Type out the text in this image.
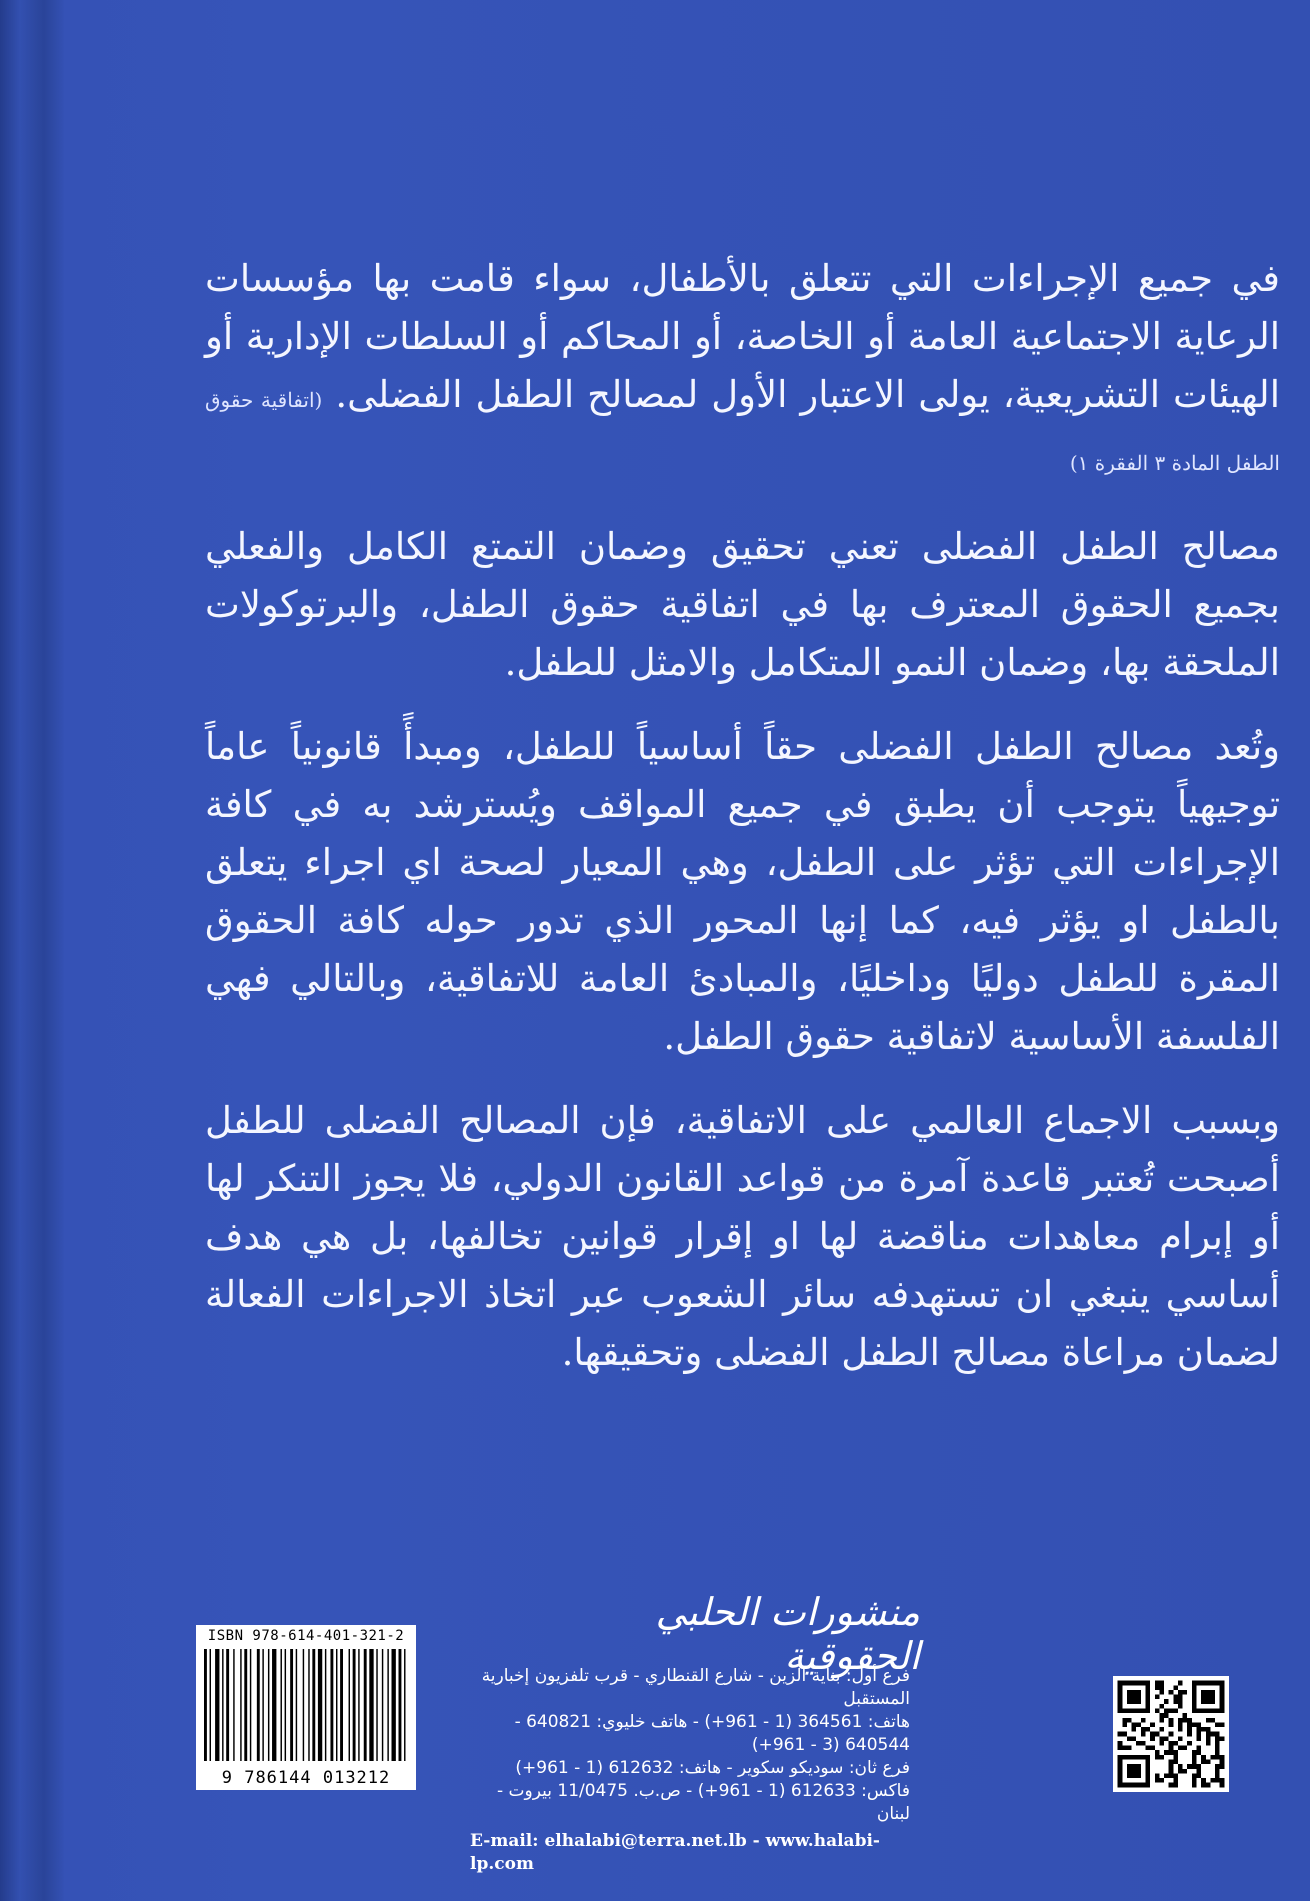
في جميع الإجراءات التي تتعلق بالأطفال، سواء قامت بها مؤسسات الرعاية الاجتماعية العامة أو الخاصة، أو المحاكم أو السلطات الإدارية أو الهيئات التشريعية، يولى الاعتبار الأول لمصالح الطفل الفضلى. (اتفاقية حقوق الطفل المادة ٣ الفقرة ١)

مصالح الطفل الفضلى تعني تحقيق وضمان التمتع الكامل والفعلي بجميع الحقوق المعترف بها في اتفاقية حقوق الطفل، والبرتوكولات الملحقة بها، وضمان النمو المتكامل والامثل للطفل.

وتُعد مصالح الطفل الفضلى حقاً أساسياً للطفل، ومبدأً قانونياً عاماً توجيهياً يتوجب أن يطبق في جميع المواقف ويُسترشد به في كافة الإجراءات التي تؤثر على الطفل، وهي المعيار لصحة اي اجراء يتعلق بالطفل او يؤثر فيه، كما إنها المحور الذي تدور حوله كافة الحقوق المقرة للطفل دوليًا وداخليًا، والمبادئ العامة للاتفاقية، وبالتالي فهي الفلسفة الأساسية لاتفاقية حقوق الطفل.

وبسبب الاجماع العالمي على الاتفاقية، فإن المصالح الفضلى للطفل أصبحت تُعتبر قاعدة آمرة من قواعد القانون الدولي، فلا يجوز التنكر لها أو إبرام معاهدات مناقضة لها او إقرار قوانين تخالفها، بل هي هدف أساسي ينبغي ان تستهدفه سائر الشعوب عبر اتخاذ الاجراءات الفعالة لضمان مراعاة مصالح الطفل الفضلى وتحقيقها.

منشورات الحلبي الحقوقية
فرع أول: بناية الزين - شارع القنطاري - قرب تلفزيون إخبارية المستقبل
هاتف: 364561 (1 - 961+) - هاتف خليوي: 640821 - 640544 (3 - 961+)
فرع ثان: سوديكو سكوير - هاتف: 612632 (1 - 961+)
فاكس: 612633 (1 - 961+) - ص.ب. 11/0475 بيروت - لبنان
E-mail: elhalabi@terra.net.lb - www.halabi-lp.com
ISBN 978-614-401-321-2
9 786144 013212
